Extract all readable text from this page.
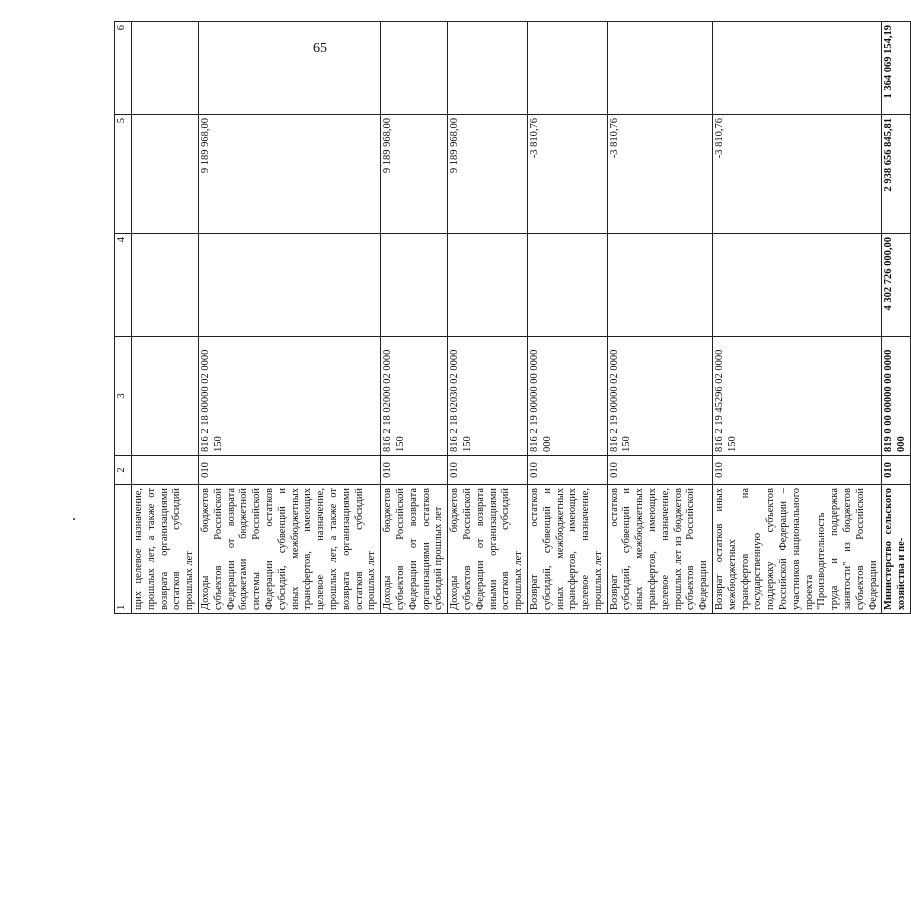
65
1	2	3	4	5	6
щих целевое назначение, прошлых лет, а также от возврата организациями остатков субсидий прошлых лет					
Доходы бюджетов субъектов Российской Федерации от возврата бюджетами бюджетной системы Российской Федерации остатков субсидий, субвенций и иных межбюджетных трансфертов, имеющих целевое назначение, прошлых лет, а также от возврата организациями остатков субсидий прошлых лет	010	816 2 18 00000 02 0000 150		9 189 968,00	
Доходы бюджетов субъектов Российской Федерации от возврата организациями остатков субсидий прошлых лет	010	816 2 18 02000 02 0000 150		9 189 968,00	
Доходы бюджетов субъектов Российской Федерации от возврата иными организациями остатков субсидий прошлых лет	010	816 2 18 02030 02 0000 150		9 189 968,00	
Возврат остатков субсидий, субвенций и иных межбюджетных трансфертов, имеющих целевое назначение, прошлых лет	010	816 2 19 00000 00 0000 000		-3 810,76	
Возврат остатков субсидий, субвенций и иных межбюджетных трансфертов, имеющих целевое назначение, прошлых лет из бюджетов субъектов Российской Федерации	010	816 2 19 00000 02 0000 150		-3 810,76	
Возврат остатков иных межбюджетных трансфертов на государственную поддержку субъектов Российской Федерации – участников национального проекта "Производительность труда и поддержка занятости" из бюджетов субъектов Российской Федерации	010	816 2 19 45296 02 0000 150		-3 810,76	
Министерство сельского хозяйства и пе-	010	819 0 00 00000 00 0000 000	4 302 726 000,00	2 938 656 845,81	1 364 069 154,19
